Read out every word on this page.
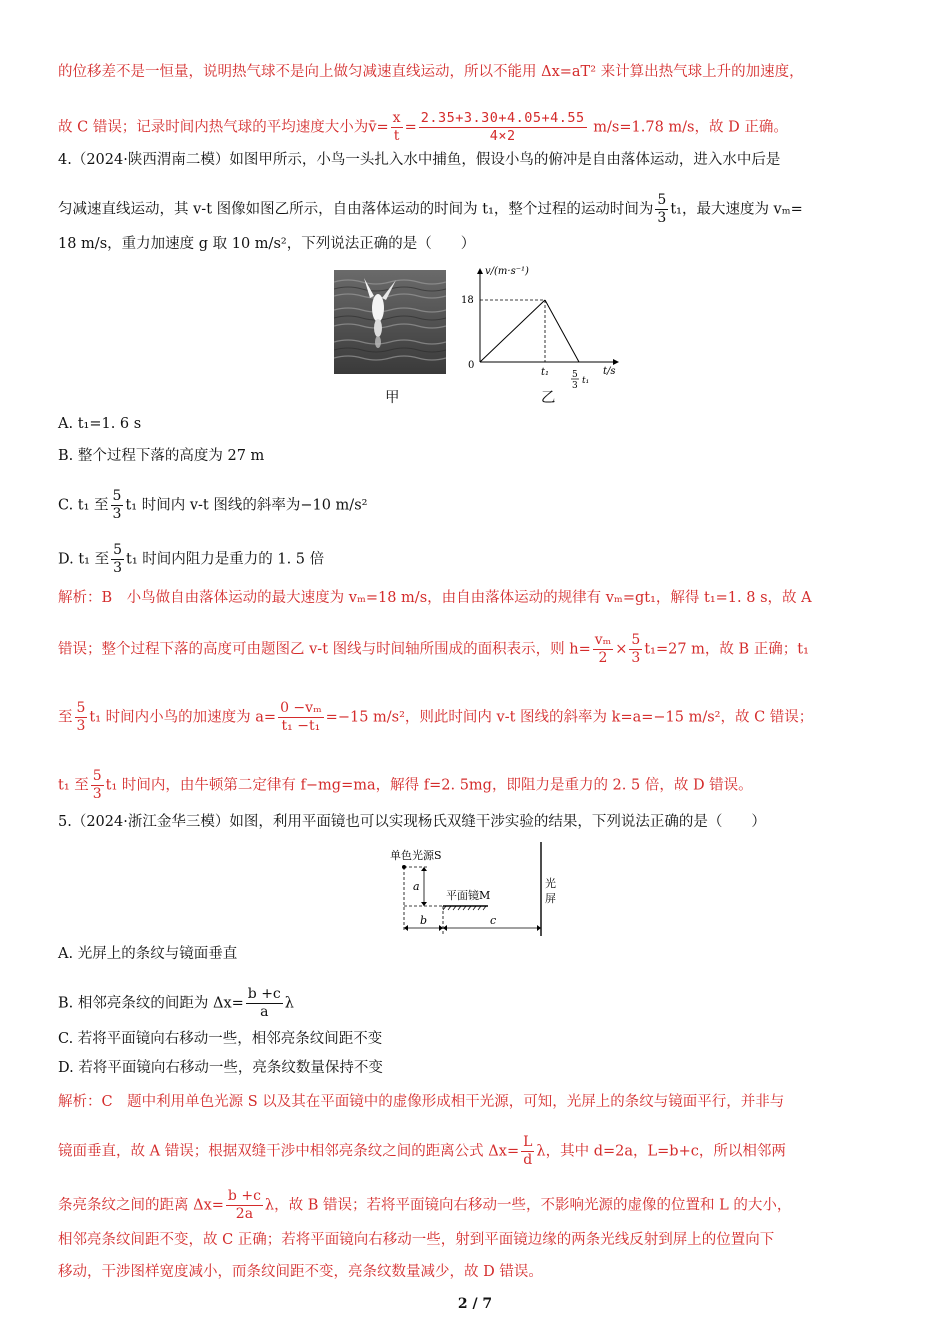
的位移差不是一恒量，说明热气球不是向上做匀减速直线运动，所以不能用 Δx=aT² 来计算出热气球上升的加速度，
故 C 错误；记录时间内热气球的平均速度大小为v̄= $\frac{x}{t} = \frac{2.35+3.30+4.05+4.55}{4\times 2} m/s=1.78$ m/s，故 D 正确。
4.（2024·陕西渭南二模）如图甲所示，小鸟一头扎入水中捕鱼，假设小鸟的俯冲是自由落体运动，进入水中后是
匀减速直线运动，其 v-t 图像如图乙所示，自由落体运动的时间为 t₁，整个过程的运动时间为 $\frac{5}{3} t_1$，最大速度为 vₘ=
18 m/s，重力加速度 g 取 10 m/s²，下列说法正确的是（　　）
甲
v/(m·s⁻¹)
18
0
t₁	5
3 t₁
t/s
乙
A. t₁=1. 6 s
B. 整个过程下落的高度为 27 m
C. t₁ 至 $\frac{5}{3} t_1$ 时间内 v-t 图线的斜率为−10 m/s²
D. t₁ 至 $\frac{5}{3} t_1$ 时间内阻力是重力的 1. 5 倍
解析：B　小鸟做自由落体运动的最大速度为 vₘ=18 m/s，由自由落体运动的规律有 vₘ=gt₁，解得 t₁=1. 8 s，故 A
错误；整个过程下落的高度可由题图乙 v-t 图线与时间轴所围成的面积表示，则 $h= \frac{\text{vₘ}}{2} \times \frac{5}{3} t_1=27$ m，故 B 正确；t₁
至 $\frac{5}{3} t_1$ 时间内小鸟的加速度为 $a= \frac{\text{0 −vₘ}}{\text{t₁ −t₁}} =-15$ m/s²，则此时间内 v-t 图线的斜率为 k=a=−15 m/s²，故 C 错误；
t₁ 至 $\frac{5}{3} t_1$ 时间内，由牛顿第二定律有 f−mg=ma，解得 f=2. 5mg，即阻力是重力的 2. 5 倍，故 D 错误。
5.（2024·浙江金华三模）如图，利用平面镜也可以实现杨氏双缝干涉实验的结果，下列说法正确的是（　　）
单色光源S
a
平面镜M
b	c
光
屏
A. 光屏上的条纹与镜面垂直
B. 相邻亮条纹的间距为 $\Delta x= \frac{b +c}{a}$ λ
C. 若将平面镜向右移动一些，相邻亮条纹间距不变
D. 若将平面镜向右移动一些，亮条纹数量保持不变
解析：C　题中利用单色光源 S 以及其在平面镜中的虚像形成相干光源，可知，光屏上的条纹与镜面平行，并非与
镜面垂直，故 A 错误；根据双缝干涉中相邻亮条纹之间的距离公式 $\Delta x= \frac{L}{d}$ λ，其中 d=2a，L=b+c，所以相邻两
条亮条纹之间的距离 $\Delta x= \frac{b +c}{2a}$ λ，故 B 错误；若将平面镜向右移动一些，不影响光源的虚像的位置和 L 的大小，
相邻亮条纹间距不变，故 C 正确；若将平面镜向右移动一些，射到平面镜边缘的两条光线反射到屏上的位置向下
移动，干涉图样宽度减小，而条纹间距不变，亮条纹数量减少，故 D 错误。
2 / 7
